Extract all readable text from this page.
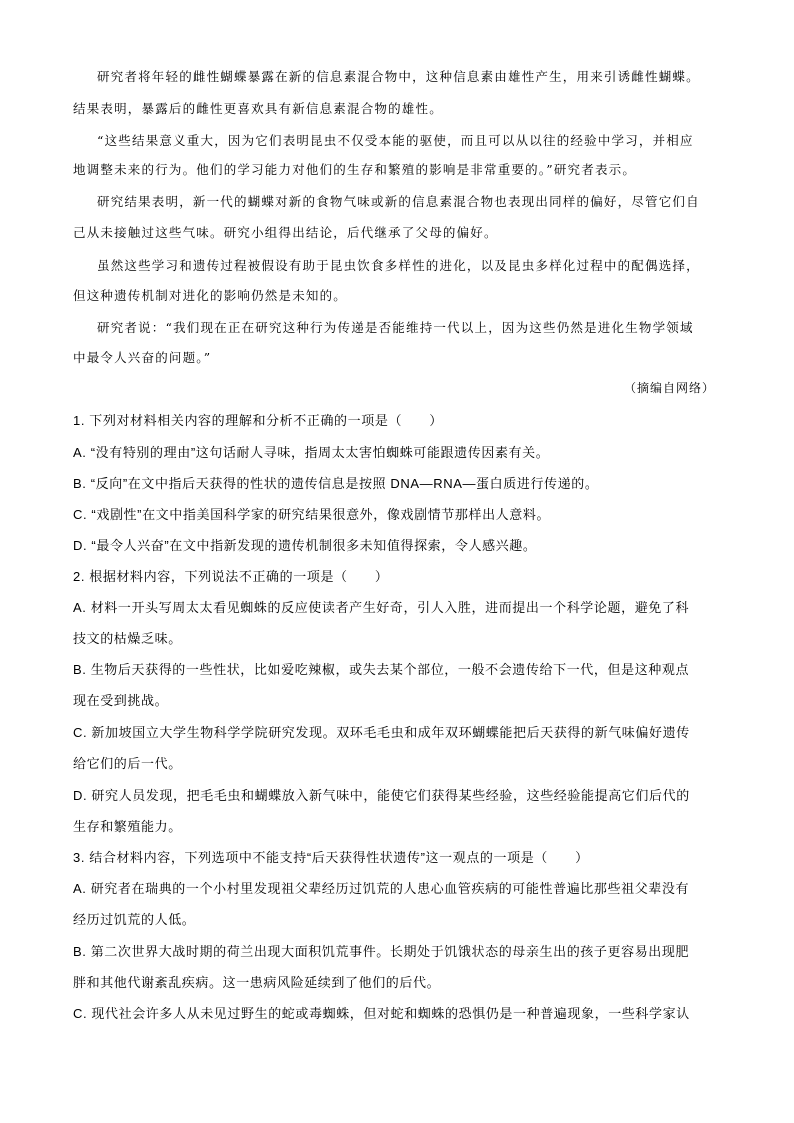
研究者将年轻的雌性蝴蝶暴露在新的信息素混合物中，这种信息素由雄性产生，用来引诱雌性蝴蝶。
结果表明，暴露后的雌性更喜欢具有新信息素混合物的雄性。
“这些结果意义重大，因为它们表明昆虫不仅受本能的驱使，而且可以从以往的经验中学习，并相应
地调整未来的行为。他们的学习能力对他们的生存和繁殖的影响是非常重要的。”研究者表示。
研究结果表明，新一代的蝴蝶对新的食物气味或新的信息素混合物也表现出同样的偏好，尽管它们自
己从未接触过这些气味。研究小组得出结论，后代继承了父母的偏好。
虽然这些学习和遗传过程被假设有助于昆虫饮食多样性的进化，以及昆虫多样化过程中的配偶选择，
但这种遗传机制对进化的影响仍然是未知的。
研究者说：“我们现在正在研究这种行为传递是否能维持一代以上，因为这些仍然是进化生物学领域
中最令人兴奋的问题。”
（摘编自网络）
1. 下列对材料相关内容的理解和分析不正确的一项是（　　）
A. “没有特别的理由”这句话耐人寻味，指周太太害怕蜘蛛可能跟遗传因素有关。
B. “反向”在文中指后天获得的性状的遗传信息是按照 DNA—RNA—蛋白质进行传递的。
C. “戏剧性”在文中指美国科学家的研究结果很意外，像戏剧情节那样出人意料。
D. “最令人兴奋”在文中指新发现的遗传机制很多未知值得探索，令人感兴趣。
2. 根据材料内容，下列说法不正确的一项是（　　）
A. 材料一开头写周太太看见蜘蛛的反应使读者产生好奇，引人入胜，进而提出一个科学论题，避免了科
技文的枯燥乏味。
B. 生物后天获得的一些性状，比如爱吃辣椒，或失去某个部位，一般不会遗传给下一代，但是这种观点
现在受到挑战。
C. 新加坡国立大学生物科学学院研究发现。双环毛毛虫和成年双环蝴蝶能把后天获得的新气味偏好遗传
给它们的后一代。
D. 研究人员发现，把毛毛虫和蝴蝶放入新气味中，能使它们获得某些经验，这些经验能提高它们后代的
生存和繁殖能力。
3. 结合材料内容，下列选项中不能支持“后天获得性状遗传”这一观点的一项是（　　）
A. 研究者在瑞典的一个小村里发现祖父辈经历过饥荒的人患心血管疾病的可能性普遍比那些祖父辈没有
经历过饥荒的人低。
B. 第二次世界大战时期的荷兰出现大面积饥荒事件。长期处于饥饿状态的母亲生出的孩子更容易出现肥
胖和其他代谢紊乱疾病。这一患病风险延续到了他们的后代。
C. 现代社会许多人从未见过野生的蛇或毒蜘蛛，但对蛇和蜘蛛的恐惧仍是一种普遍现象，一些科学家认
